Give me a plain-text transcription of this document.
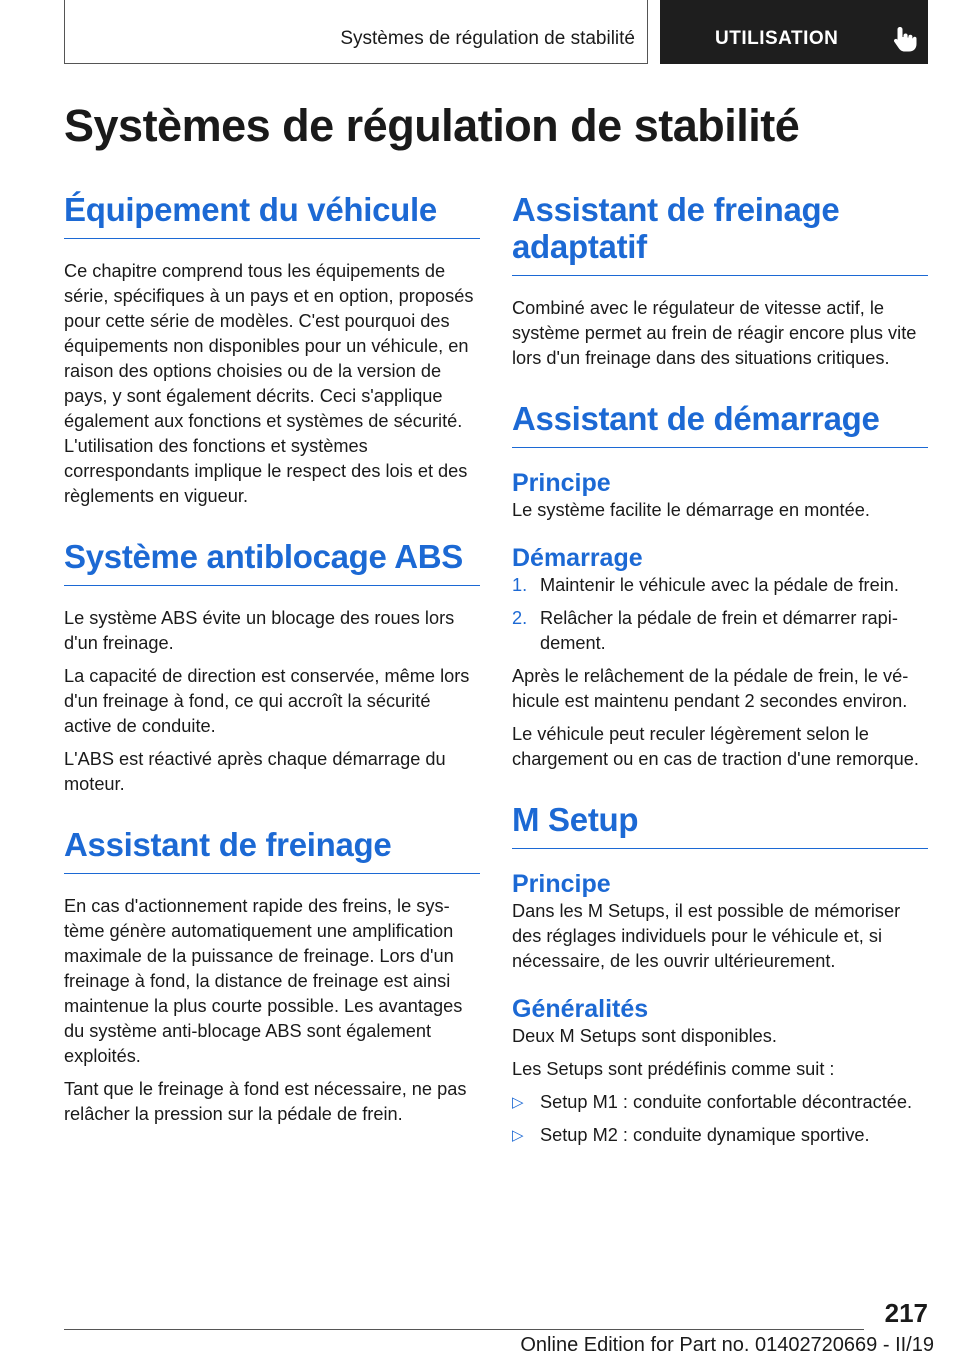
Systèmes de régulation de stabilité	UTILISATION
Systèmes de régulation de stabilité
Équipement du véhicule

Ce chapitre comprend tous les équipements de série, spécifiques à un pays et en option, proposés pour cette série de modèles. C'est pourquoi des équipements non disponibles pour un véhicule, en raison des options choisies ou de la version de pays, y sont également décrits. Ceci s'applique également aux fonctions et systèmes de sécurité. L'utilisation des fonctions et systèmes correspondants implique le respect des lois et des règlements en vigueur.

Système antiblocage ABS

Le système ABS évite un blocage des roues lors d'un freinage.

La capacité de direction est conservée, même lors d'un freinage à fond, ce qui accroît la sécurité active de conduite.

L'ABS est réactivé après chaque démarrage du moteur.

Assistant de freinage

En cas d'actionnement rapide des freins, le système génère automatiquement une amplification maximale de la puissance de freinage. Lors d'un freinage à fond, la distance de freinage est ainsi maintenue la plus courte possible. Les avantages du système anti-blocage ABS sont également exploités.

Tant que le freinage à fond est nécessaire, ne pas relâcher la pression sur la pédale de frein.

Assistant de freinage adaptatif

Combiné avec le régulateur de vitesse actif, le système permet au frein de réagir encore plus vite lors d'un freinage dans des situations critiques.

Assistant de démarrage
Principe

Le système facilite le démarrage en montée.

Démarrage
1. Maintenir le véhicule avec la pédale de frein.
2. Relâcher la pédale de frein et démarrer rapidement.

Après le relâchement de la pédale de frein, le véhicule est maintenu pendant 2 secondes environ.

Le véhicule peut reculer légèrement selon le chargement ou en cas de traction d'une remorque.

M Setup
Principe

Dans les M Setups, il est possible de mémoriser des réglages individuels pour le véhicule et, si nécessaire, de les ouvrir ultérieurement.

Généralités

Deux M Setups sont disponibles.

Les Setups sont prédéfinis comme suit :

▷ Setup M1 : conduite confortable décontractée.
▷ Setup M2 : conduite dynamique sportive.
217
Online Edition for Part no. 01402720669 - II/19
